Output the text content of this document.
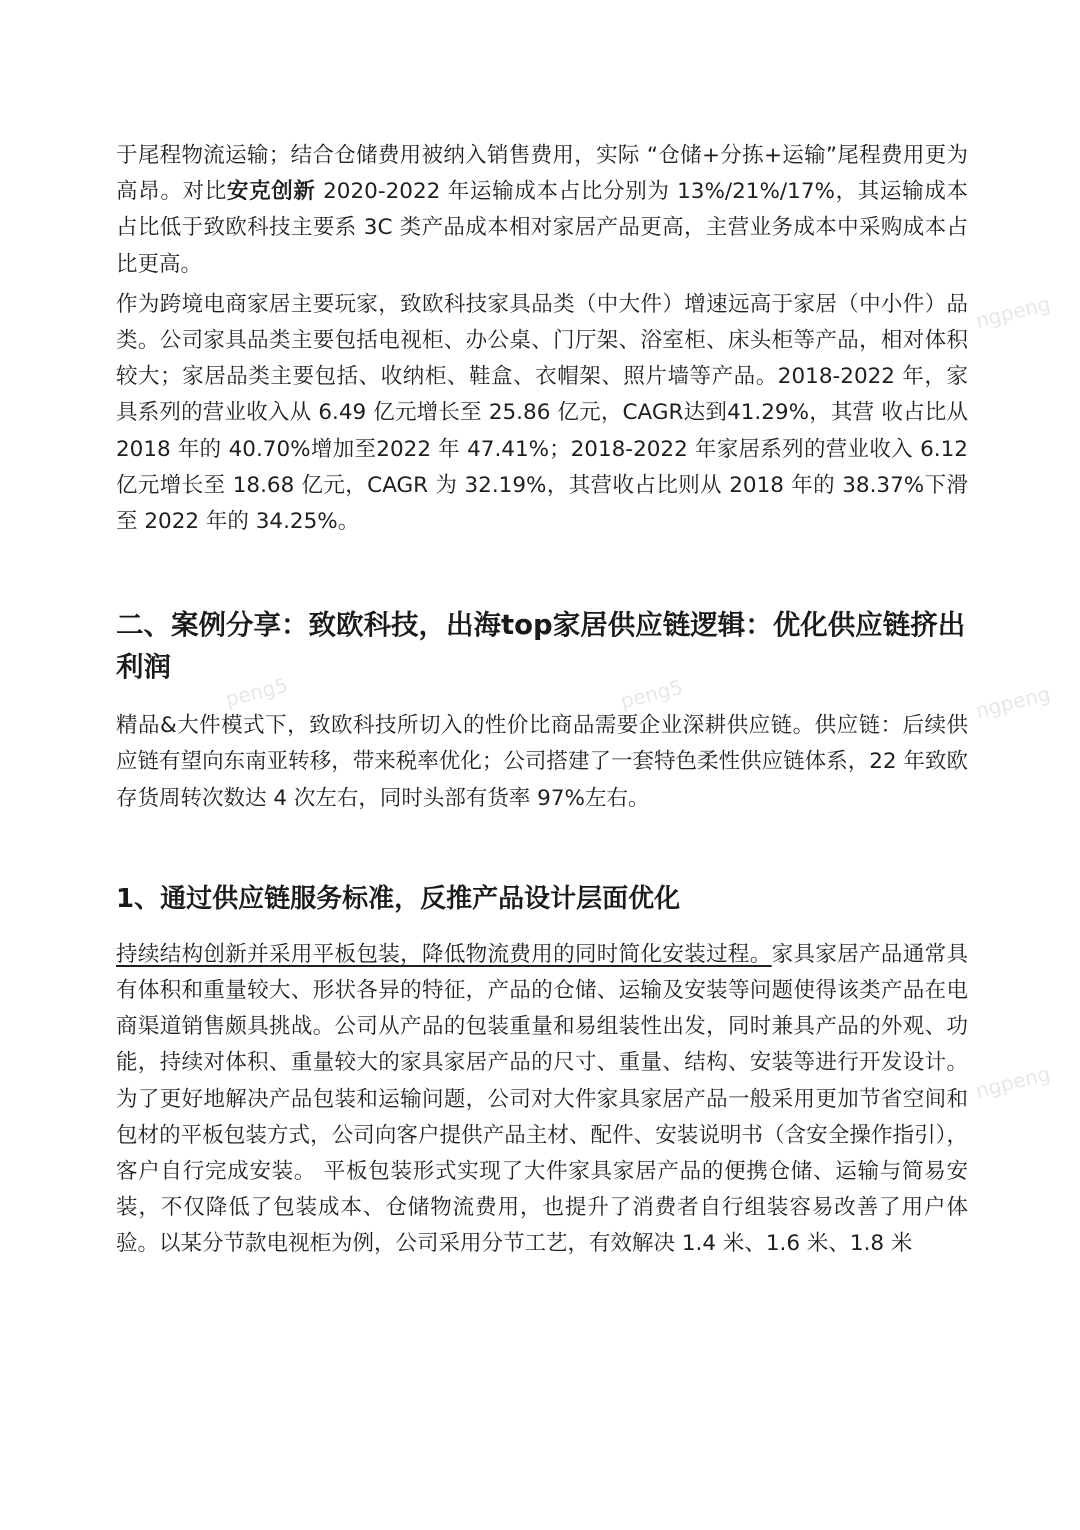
于尾程物流运输；结合仓储费用被纳入销售费用，实际 “仓储+分拣+运输”尾程费用更为高昂。对比安克创新 2020-2022 年运输成本占比分别为 13%/21%/17%，其运输成本占比低于致欧科技主要系 3C 类产品成本相对家居产品更高，主营业务成本中采购成本占比更高。

作为跨境电商家居主要玩家，致欧科技家具品类（中大件）增速远高于家居（中小件）品类。公司家具品类主要包括电视柜、办公桌、门厅架、浴室柜、床头柜等产品，相对体积较大；家居品类主要包括、收纳柜、鞋盒、衣帽架、照片墙等产品。2018-2022 年，家具系列的营业收入从 6.49 亿元增长至 25.86 亿元，CAGR达到41.29%，其营 收占比从 2018 年的 40.70%增加至2022 年 47.41%；2018-2022 年家居系列的营业收入 6.12 亿元增长至 18.68 亿元，CAGR 为 32.19%，其营收占比则从 2018 年的 38.37%下滑至 2022 年的 34.25%。

二、案例分享：致欧科技，出海top家居供应链逻辑：优化供应链挤出利润

精品&大件模式下，致欧科技所切入的性价比商品需要企业深耕供应链。供应链：后续供应链有望向东南亚转移，带来税率优化；公司搭建了一套特色柔性供应链体系，22 年致欧存货周转次数达 4 次左右，同时头部有货率 97%左右。

1、通过供应链服务标准，反推产品设计层面优化

持续结构创新并采用平板包装，降低物流费用的同时简化安装过程。家具家居产品通常具有体积和重量较大、形状各异的特征，产品的仓储、运输及安装等问题使得该类产品在电商渠道销售颇具挑战。公司从产品的包装重量和易组装性出发，同时兼具产品的外观、功能，持续对体积、重量较大的家具家居产品的尺寸、重量、结构、安装等进行开发设计。为了更好地解决产品包装和运输问题，公司对大件家具家居产品一般采用更加节省空间和包材的平板包装方式，公司向客户提供产品主材、配件、安装说明书（含安全操作指引），客户自行完成安装。 平板包装形式实现了大件家具家居产品的便携仓储、运输与简易安装，不仅降低了包装成本、仓储物流费用，也提升了消费者自行组装容易改善了用户体验。以某分节款电视柜为例，公司采用分节工艺，有效解决 1.4 米、1.6 米、1.8 米

ngpeng
peng5	peng5	ngpeng
ngpeng
